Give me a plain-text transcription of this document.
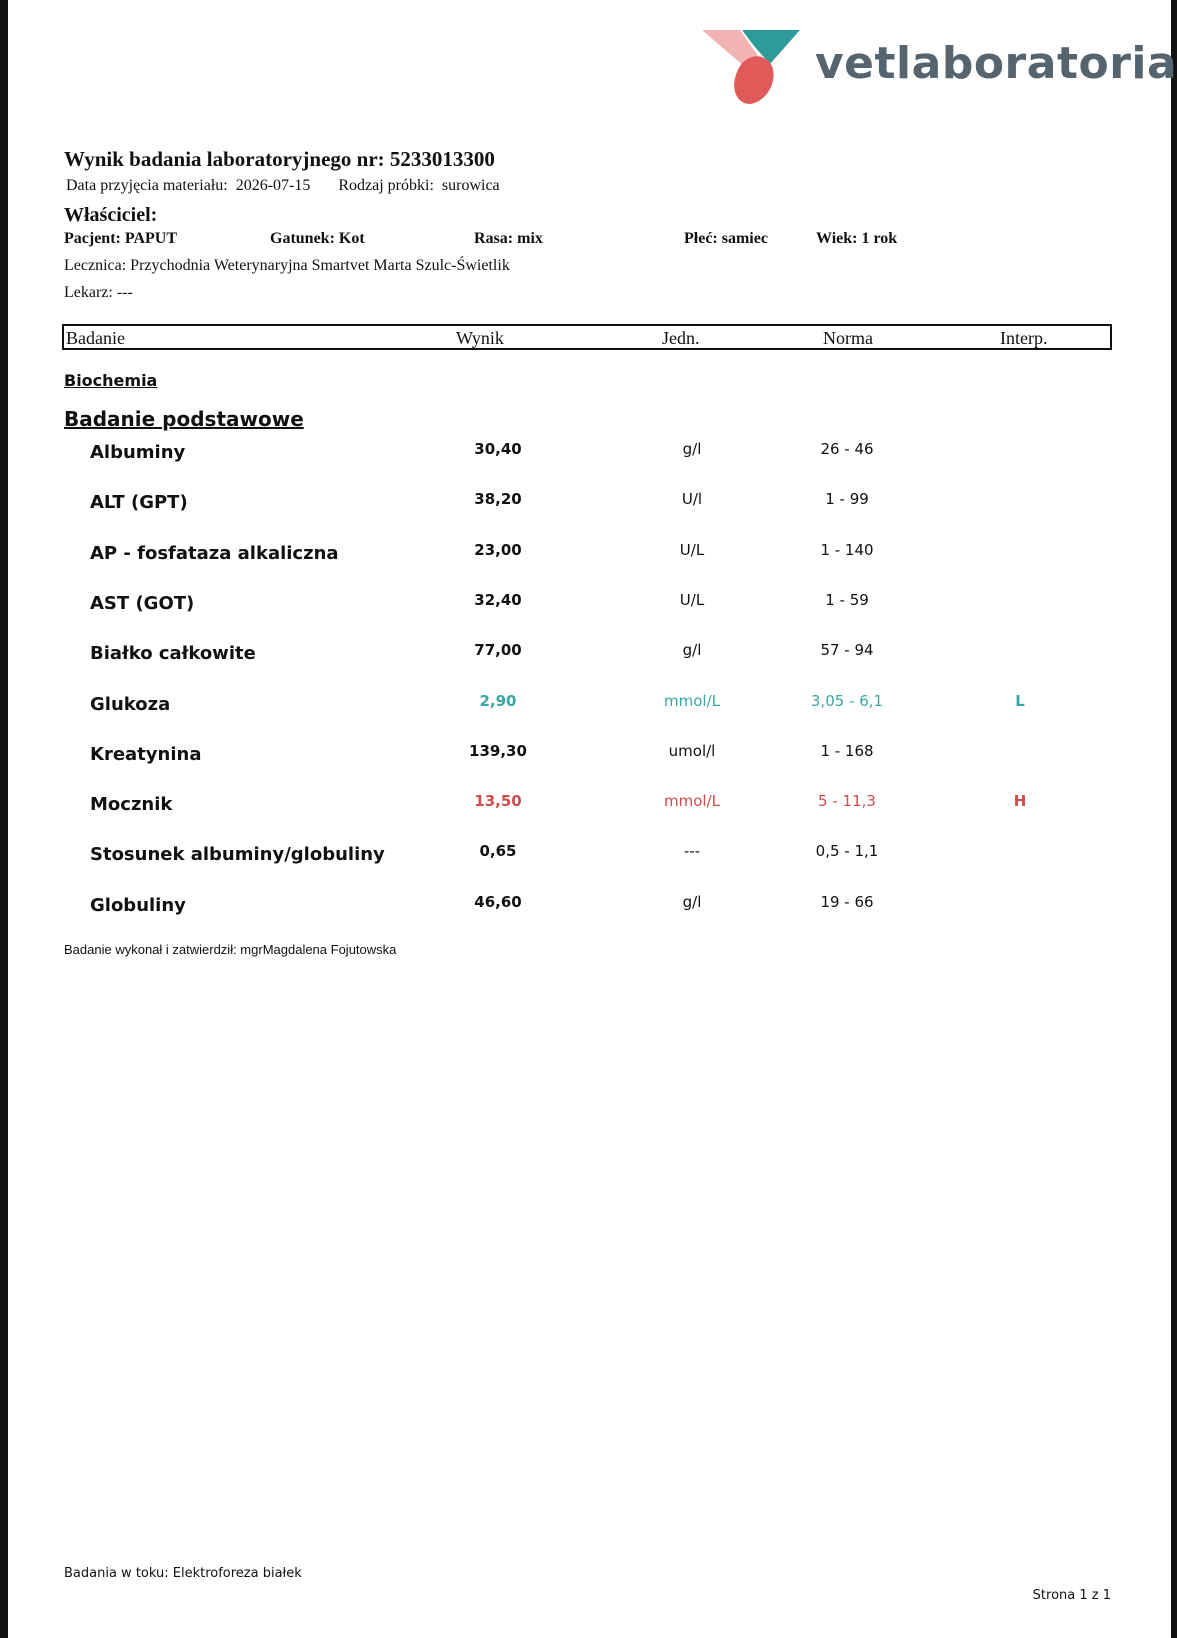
vetlaboratoria
Wynik badania laboratoryjnego nr: 5233013300
Data przyjęcia materiału: 2026-07-15 Rodzaj próbki: surowica
Właściciel:
Pacjent: PAPUT	Gatunek: Kot	Rasa: mix	Płeć: samiec	Wiek: 1 rok
Lecznica: Przychodnia Weterynaryjna Smartvet Marta Szulc-Świetlik
Lekarz: ---
Badanie	Wynik	Jedn.	Norma	Interp.
Biochemia
Badanie podstawowe
Albuminy	30,40	g/l	26 - 46
ALT (GPT)	38,20	U/l	1 - 99
AP - fosfataza alkaliczna	23,00	U/L	1 - 140
AST (GOT)	32,40	U/L	1 - 59
Białko całkowite	77,00	g/l	57 - 94
Glukoza	2,90	mmol/L	3,05 - 6,1	L
Kreatynina	139,30	umol/l	1 - 168
Mocznik	13,50	mmol/L	5 - 11,3	H
Stosunek albuminy/globuliny	0,65	---	0,5 - 1,1
Globuliny	46,60	g/l	19 - 66
Badanie wykonał i zatwierdził: mgrMagdalena Fojutowska
Badania w toku: Elektroforeza białek
Strona 1 z 1
